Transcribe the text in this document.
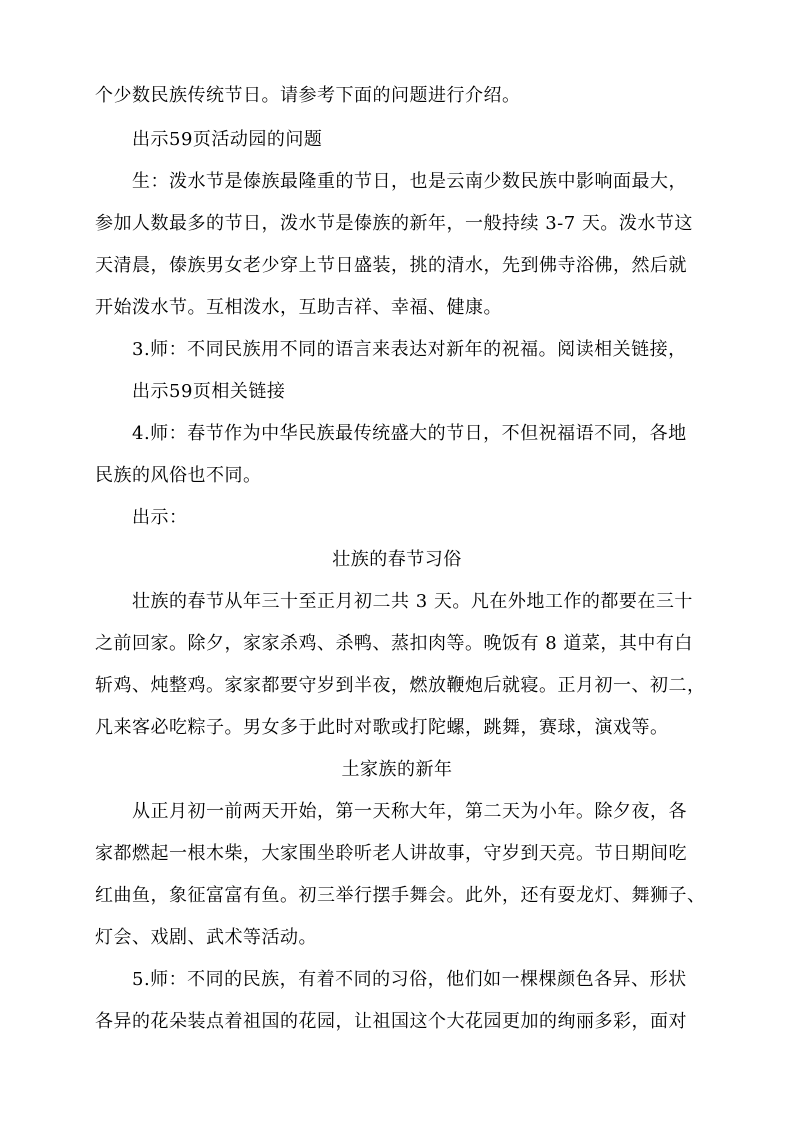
个少数民族传统节日。请参考下面的问题进行介绍。
出示59页活动园的问题
生：泼水节是傣族最隆重的节日，也是云南少数民族中影响面最大，
参加人数最多的节日，泼水节是傣族的新年，一般持续 3-7 天。泼水节这
天清晨，傣族男女老少穿上节日盛装，挑的清水，先到佛寺浴佛，然后就
开始泼水节。互相泼水，互助吉祥、幸福、健康。
3.师：不同民族用不同的语言来表达对新年的祝福。阅读相关链接，
出示59页相关链接
4.师：春节作为中华民族最传统盛大的节日，不但祝福语不同，各地
民族的风俗也不同。
出示：
壮族的春节习俗
壮族的春节从年三十至正月初二共 3 天。凡在外地工作的都要在三十
之前回家。除夕，家家杀鸡、杀鸭、蒸扣肉等。晚饭有 8 道菜，其中有白
斩鸡、炖整鸡。家家都要守岁到半夜，燃放鞭炮后就寝。正月初一、初二，
凡来客必吃粽子。男女多于此时对歌或打陀螺，跳舞，赛球，演戏等。
土家族的新年
从正月初一前两天开始，第一天称大年，第二天为小年。除夕夜，各
家都燃起一根木柴，大家围坐聆听老人讲故事，守岁到天亮。节日期间吃
红曲鱼，象征富富有鱼。初三举行摆手舞会。此外，还有耍龙灯、舞狮子、
灯会、戏剧、武术等活动。
5.师：不同的民族，有着不同的习俗，他们如一棵棵颜色各异、形状
各异的花朵装点着祖国的花园，让祖国这个大花园更加的绚丽多彩，面对
